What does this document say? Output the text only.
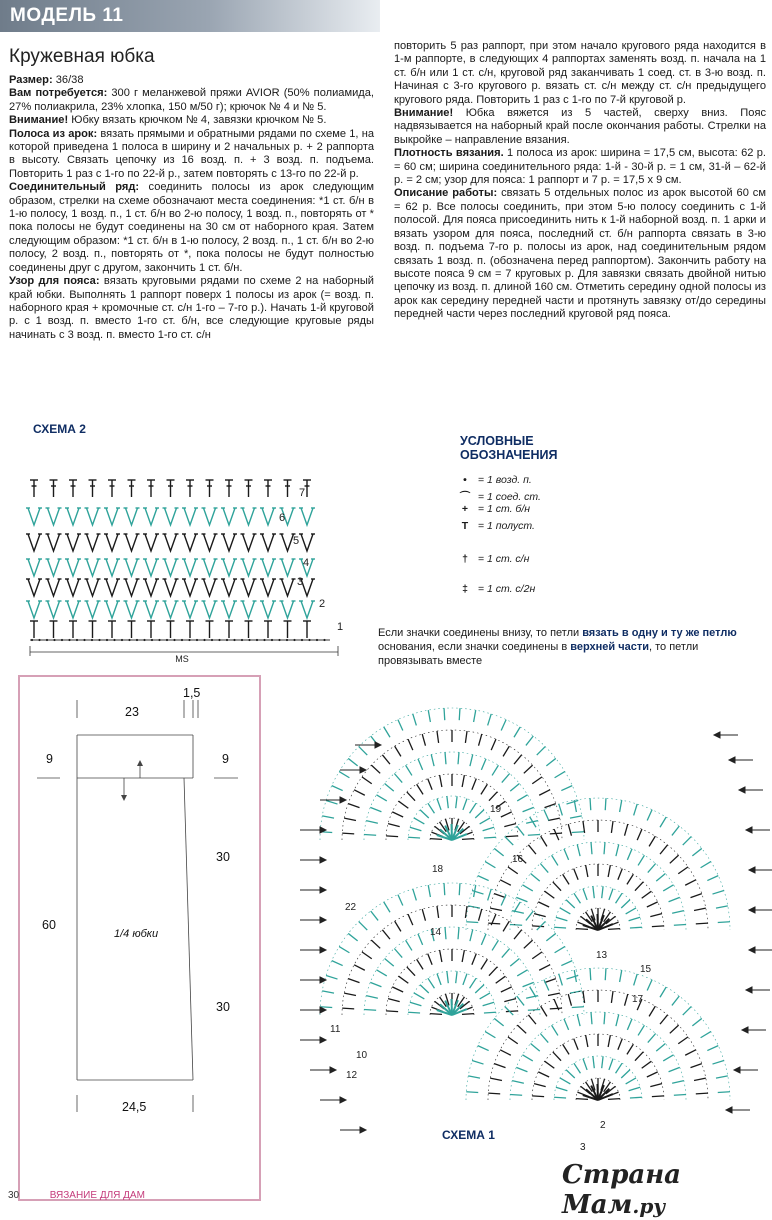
МОДЕЛЬ 11
Кружевная юбка

Размер: 36/38

Вам потребуется: 300 г меланжевой пряжи AVIOR (50% полиамида, 27% полиакрила, 23% хлопка, 150 м/50 г); крючок № 4 и № 5.

Внимание! Юбку вязать крючком № 4, завязки крючком № 5.

Полоса из арок: вязать прямыми и обратными рядами по схеме 1, на которой приведена 1 полоса в ширину и 2 начальных р. + 2 раппорта в высоту. Связать цепочку из 16 возд. п. + 3 возд. п. подъема. Повторить 1 раз с 1-го по 22-й р., затем повторять с 13-го по 22-й р.

Соединительный ряд: соединить полосы из арок следующим образом, стрелки на схеме обозначают места соединения: *1 ст. б/н в 1-ю полосу, 1 возд. п., 1 ст. б/н во 2-ю полосу, 1 возд. п., повторять от * пока полосы не будут соединены на 30 см от наборного края. Затем следующим образом: *1 ст. б/н в 1-ю полосу, 2 возд. п., 1 ст. б/н во 2-ю полосу, 2 возд. п., повторять от *, пока полосы не будут полностью соединены друг с другом, закончить 1 ст. б/н.

Узор для пояса: вязать круговыми рядами по схеме 2 на наборный край юбки. Выполнять 1 раппорт поверх 1 полосы из арок (= возд. п. наборного края + кромочные ст. с/н 1-го – 7-го р.). Начать 1-й круговой р. с 1 возд. п. вместо 1-го ст. б/н, все следующие круговые ряды начинать с 3 возд. п. вместо 1-го ст. с/н

повторить 5 раз раппорт, при этом начало кругового ряда находится в 1-м раппорте, в следующих 4 раппортах заменять возд. п. начала на 1 ст. б/н или 1 ст. с/н, круговой ряд заканчивать 1 соед. ст. в 3-ю возд. п. Начиная с 3-го кругового р. вязать ст. с/н между ст. с/н предыдущего кругового ряда. Повторить 1 раз с 1-го по 7-й круговой р.

Внимание! Юбка вяжется из 5 частей, сверху вниз. Пояс надвязывается на наборный край после окончания работы. Стрелки на выкройке – направление вязания.

Плотность вязания. 1 полоса из арок: ширина = 17,5 см, высота: 62 р. = 60 см; ширина соединительного ряда: 1-й - 30-й р. = 1 см, 31-й – 62-й р. = 2 см; узор для пояса: 1 раппорт и 7 р. = 17,5 х 9 см.

Описание работы: связать 5 отдельных полос из арок высотой 60 см = 62 р. Все полосы соединить, при этом 5-ю полосу соединить с 1-й полосой. Для пояса присоединить нить к 1-й наборной возд. п. 1 арки и вязать узором для пояса, последний ст. б/н раппорта связать в 3-ю возд. п. подъема 7-го р. полосы из арок, над соединительным рядом связать 1 возд. п. (обозначена перед раппортом). Закончить работу на высоте пояса 9 см = 7 круговых р. Для завязки связать двойной нитью цепочку из возд. п. длиной 160 см. Отметить середину одной полосы из арок как середину передней части и протянуть завязку от/до середины передней части через последний круговой ряд пояса.

СХЕМА 2
MS
7
6
5
4
3
2
1
УСЛОВНЫЕ
ОБОЗНАЧЕНИЯ
• = 1 возд. п.
⌒ = 1 соед. ст.
+ = 1 ст. б/н
T = 1 полуст.
† = 1 ст. с/н
‡ = 1 ст. с/2н
Если значки соединены внизу, то петли вязать в одну и ту же петлю основания, если значки соединены в верхней части, то петли провязывать вместе
23
1,5
9	9
60
30
30
24,5
1/4 юбки
19
18
17
16
15
14
13
12
11
10
22
2
3
СХЕМА 1
Страна Мам.ру
30	ВЯЗАНИЕ ДЛЯ ДАМ
